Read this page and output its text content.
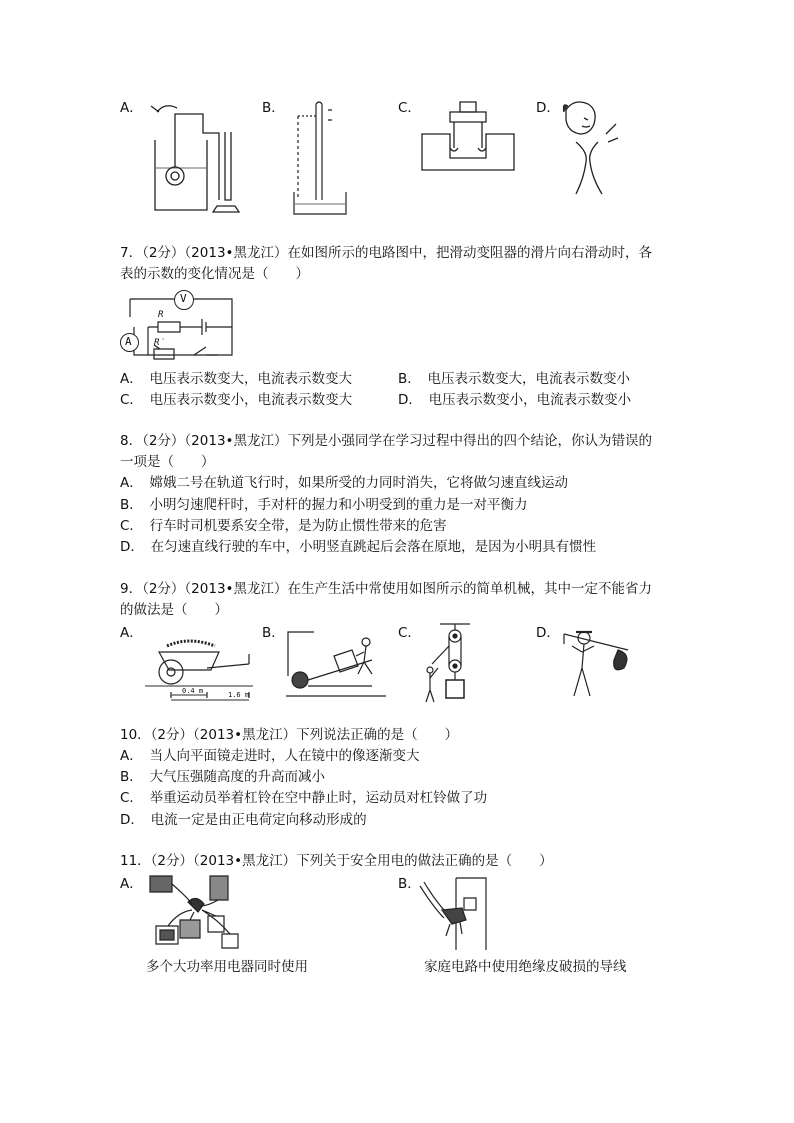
A．	B．	C．	D．
7．（2分）（2013•黑龙江）在如图所示的电路图中，把滑动变阻器的滑片向右滑动时，各
表的示数的变化情况是（　　）
V
A
R
R′
A．　电压表示数变大，电流表示数变大	B．　电压表示数变大，电流表示数变小
C．　电压表示数变小，电流表示数变大	D．　电压表示数变小，电流表示数变小
8．（2分）（2013•黑龙江）下列是小强同学在学习过程中得出的四个结论，你认为错误的
一项是（　　）
A．　嫦娥二号在轨道飞行时，如果所受的力同时消失，它将做匀速直线运动
B．　小明匀速爬杆时，手对杆的握力和小明受到的重力是一对平衡力
C．　行车时司机要系安全带，是为防止惯性带来的危害
D．　在匀速直线行驶的车中，小明竖直跳起后会落在原地，是因为小明具有惯性
9．（2分）（2013•黑龙江）在生产生活中常使用如图所示的简单机械，其中一定不能省力
的做法是（　　）
A．
0.4 m	1.6 m
B．	C．	D．
10．（2分）（2013•黑龙江）下列说法正确的是（　　）
A．　当人向平面镜走进时，人在镜中的像逐渐变大
B．　大气压强随高度的升高而减小
C．　举重运动员举着杠铃在空中静止时，运动员对杠铃做了功
D．　电流一定是由正电荷定向移动形成的
11．（2分）（2013•黑龙江）下列关于安全用电的做法正确的是（　　）
A．
多个大功率用电器同时使用
B．
家庭电路中使用绝缘皮破损的导线
